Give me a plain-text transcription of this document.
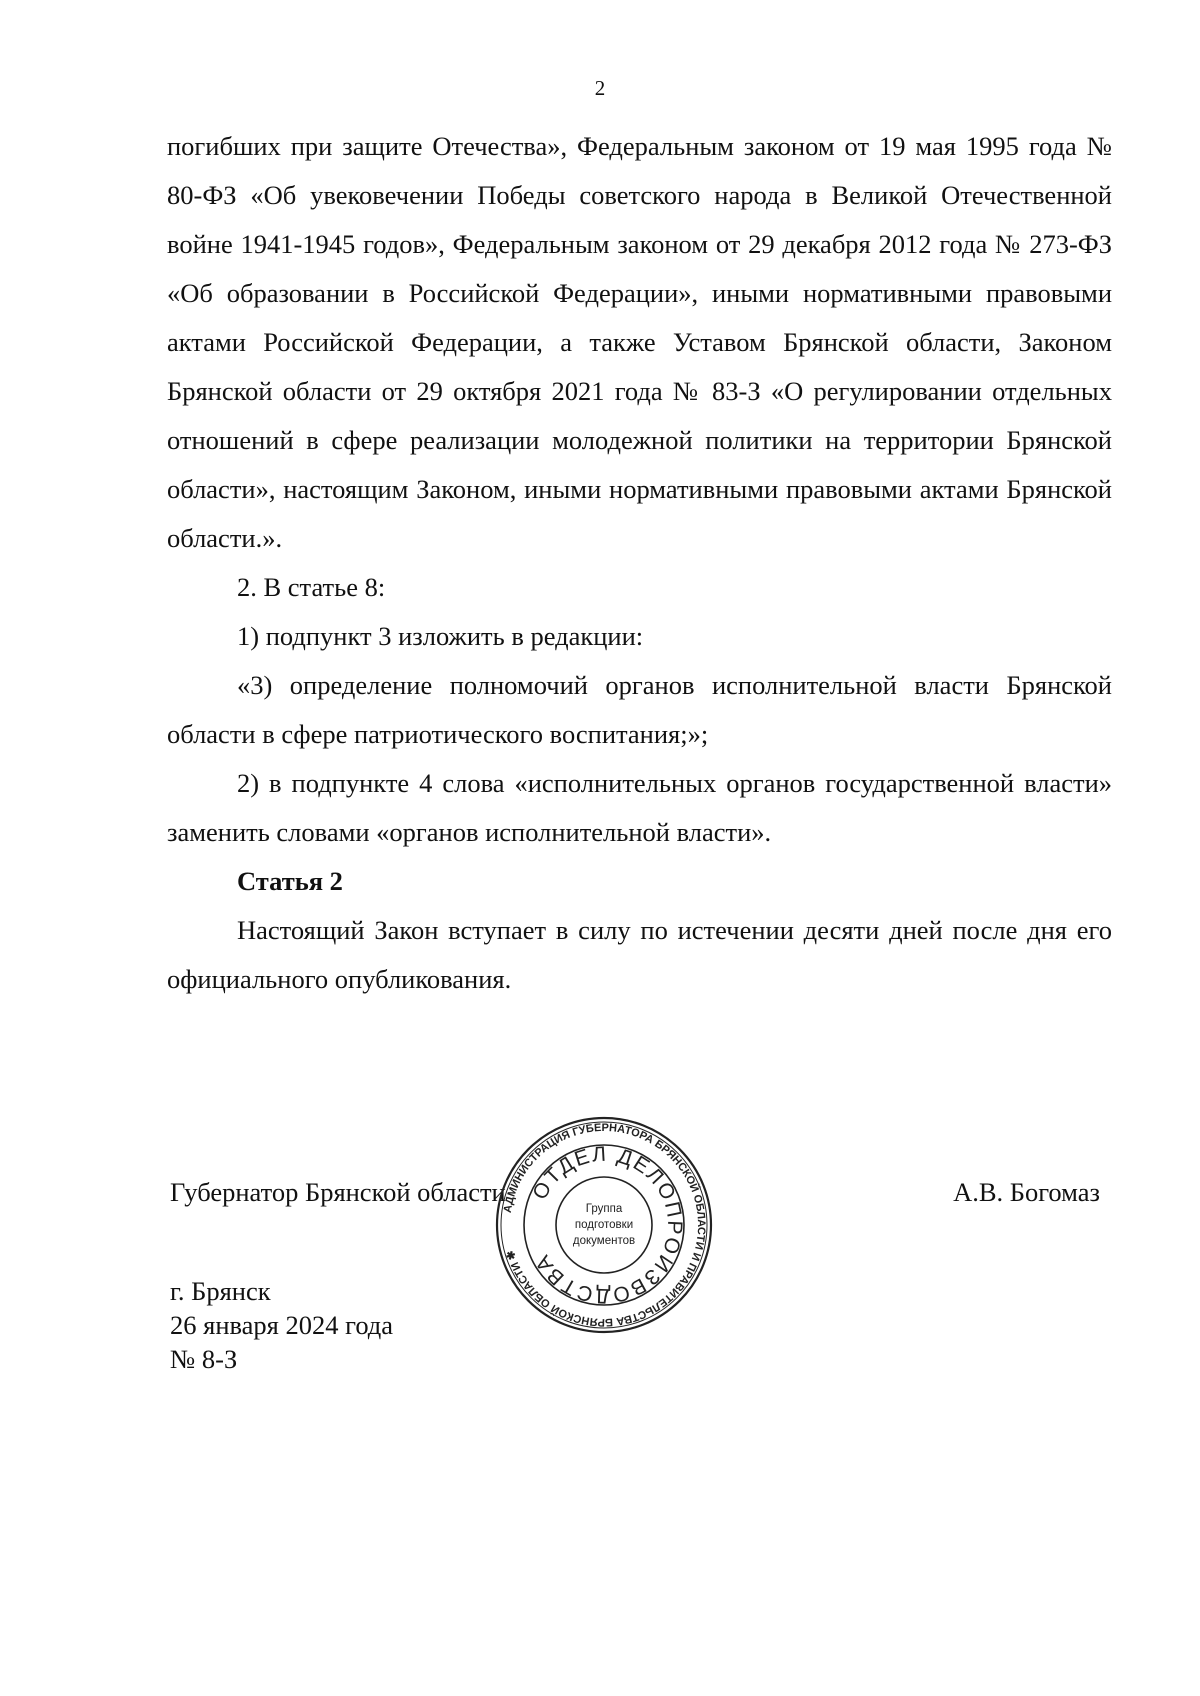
2

погибших при защите Отечества», Федеральным законом от 19 мая 1995 года № 80-ФЗ «Об увековечении Победы советского народа в Великой Отечественной войне 1941-1945 годов», Федеральным законом от 29 декабря 2012 года № 273-ФЗ «Об образовании в Российской Федерации», иными нормативными правовыми актами Российской Федерации, а также Уставом Брянской области, Законом Брянской области от 29 октября 2021 года № 83-З «О регулировании отдельных отношений в сфере реализации молодежной политики на территории Брянской области», настоящим Законом, иными нормативными правовыми актами Брянской области.».

2. В статье 8:

1) подпункт 3 изложить в редакции:

«3) определение полномочий органов исполнительной власти Брянской области в сфере патриотического воспитания;»;

2) в подпункте 4 слова «исполнительных органов государственной власти» заменить словами «органов исполнительной власти».

Статья 2

Настоящий Закон вступает в силу по истечении десяти дней после дня его официального опубликования.

Губернатор Брянской области	А.В. Богомаз
г. Брянск
26 января 2024 года
№ 8-З
АДМИНИСТРАЦИЯ ГУБЕРНАТОРА БРЯНСКОЙ ОБЛАСТИ И ПРАВИТЕЛЬСТВА БРЯНСКОЙ ОБЛАСТИ ✱
ОТДЕЛ ДЕЛОПРОИЗВОДСТВА
Группа
подготовки
документов
